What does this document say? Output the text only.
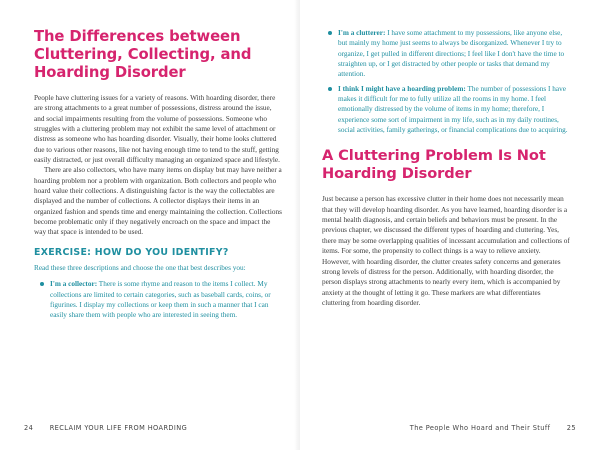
The Differences between Cluttering, Collecting, and Hoarding Disorder

People have cluttering issues for a variety of reasons. With hoarding disorder, there are strong attachments to a great number of possessions, distress around the issue, and social impairments resulting from the volume of possessions. Someone who struggles with a cluttering problem may not exhibit the same level of attachment or distress as someone who has hoarding disorder. Visually, their home looks cluttered due to various other reasons, like not having enough time to tend to the stuff, getting easily distracted, or just overall difficulty managing an organized space and lifestyle.

There are also collectors, who have many items on display but may have neither a hoarding problem nor a problem with organization. Both collectors and people who hoard value their collections. A distinguishing factor is the way the collectables are displayed and the number of collections. A collector displays their items in an organized fashion and spends time and energy maintaining the collection. Collections become problematic only if they negatively encroach on the space and impact the way that space is intended to be used.

EXERCISE: HOW DO YOU IDENTIFY?

Read these three descriptions and choose the one that best describes you:

I'm a collector: There is some rhyme and reason to the items I collect. My collections are limited to certain categories, such as baseball cards, coins, or figurines. I display my collections or keep them in such a manner that I can easily share them with people who are interested in seeing them.
24	RECLAIM YOUR LIFE FROM HOARDING
I'm a clutterer: I have some attachment to my possessions, like anyone else, but mainly my home just seems to always be disorganized. Whenever I try to organize, I get pulled in different directions; I feel like I don't have the time to straighten up, or I get distracted by other people or tasks that demand my attention.
I think I might have a hoarding problem: The number of possessions I have makes it difficult for me to fully utilize all the rooms in my home. I feel emotionally distressed by the volume of items in my home; therefore, I experience some sort of impairment in my life, such as in my daily routines, social activities, family gatherings, or financial complications due to acquiring.
A Cluttering Problem Is Not Hoarding Disorder

Just because a person has excessive clutter in their home does not necessarily mean that they will develop hoarding disorder. As you have learned, hoarding disorder is a mental health diagnosis, and certain beliefs and behaviors must be present. In the previous chapter, we discussed the different types of hoarding and cluttering. Yes, there may be some overlapping qualities of incessant accumulation and collections of items. For some, the propensity to collect things is a way to relieve anxiety. However, with hoarding disorder, the clutter creates safety concerns and generates strong levels of distress for the person. Additionally, with hoarding disorder, the person displays strong attachments to nearly every item, which is accompanied by anxiety at the thought of letting it go. These markers are what differentiates cluttering from hoarding disorder.

The People Who Hoard and Their Stuff	25
